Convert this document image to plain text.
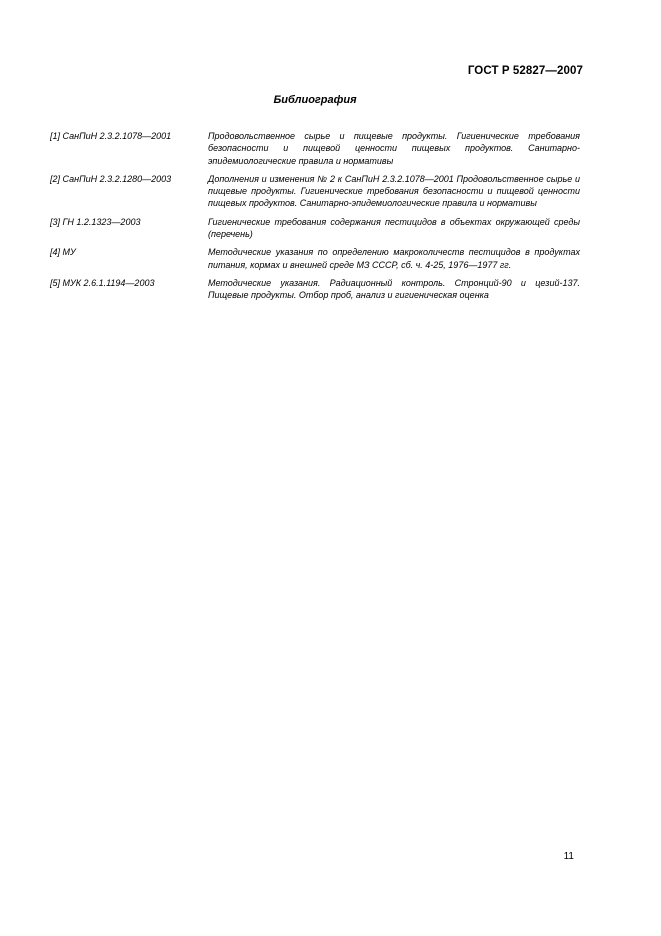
ГОСТ Р 52827—2007
Библиография
[1] СанПиН 2.3.2.1078—2001	Продовольственное сырье и пищевые продукты. Гигиенические требования безопасности и пищевой ценности пищевых продуктов. Санитарно-эпидемиологические правила и нормативы
[2] СанПиН 2.3.2.1280—2003	Дополнения и изменения № 2 к СанПиН 2.3.2.1078—2001 Продовольственное сырье и пищевые продукты. Гигиенические требования безопасности и пищевой ценности пищевых продуктов. Санитарно-эпидемиологические правила и нормативы
[3] ГН 1.2.1323—2003	Гигиенические требования содержания пестицидов в объектах окружающей среды (перечень)
[4] МУ	Методические указания по определению макроколичеств пестицидов в продуктах питания, кормах и внешней среде МЗ СССР, сб. ч. 4-25, 1976—1977 гг.
[5] МУК 2.6.1.1194—2003	Методические указания. Радиационный контроль. Стронций-90 и цезий-137. Пищевые продукты. Отбор проб, анализ и гигиеническая оценка
11
